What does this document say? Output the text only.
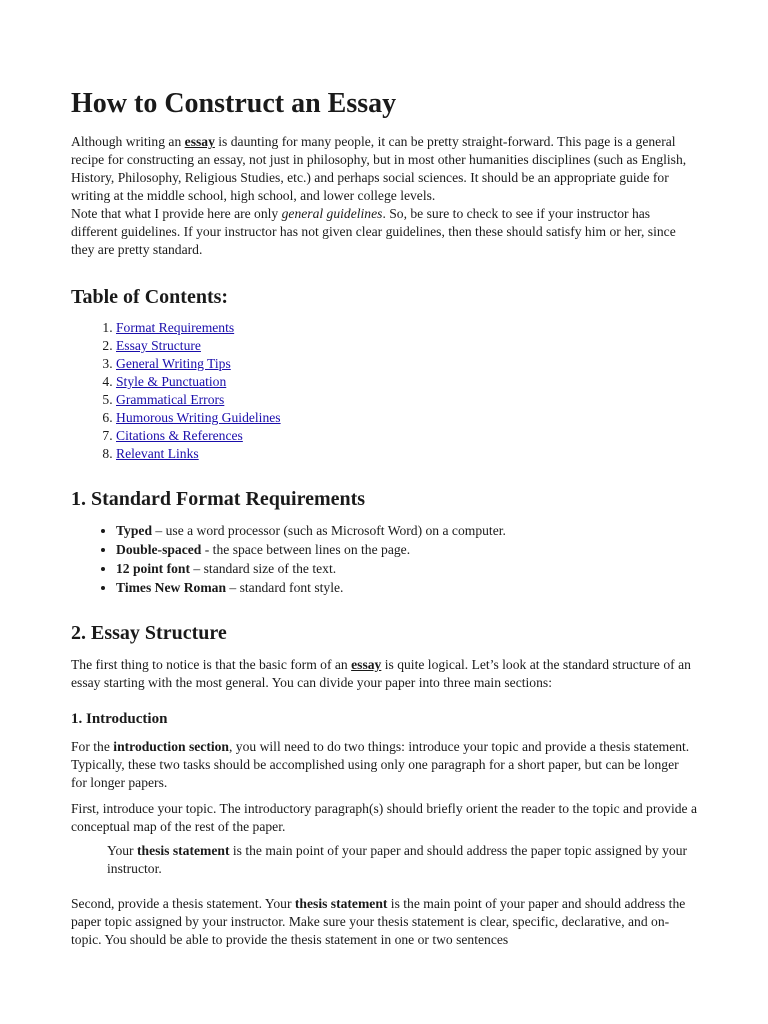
How to Construct an Essay

Although writing an essay is daunting for many people, it can be pretty straight-forward. This page is a general recipe for constructing an essay, not just in philosophy, but in most other humanities disciplines (such as English, History, Philosophy, Religious Studies, etc.) and perhaps social sciences. It should be an appropriate guide for writing at the middle school, high school, and lower college levels.

Note that what I provide here are only general guidelines. So, be sure to check to see if your instructor has different guidelines. If your instructor has not given clear guidelines, then these should satisfy him or her, since they are pretty standard.

Table of Contents:
1. Format Requirements
2. Essay Structure
3. General Writing Tips
4. Style & Punctuation
5. Grammatical Errors
6. Humorous Writing Guidelines
7. Citations & References
8. Relevant Links
1. Standard Format Requirements
• Typed – use a word processor (such as Microsoft Word) on a computer.
• Double-spaced - the space between lines on the page.
• 12 point font – standard size of the text.
• Times New Roman – standard font style.
2. Essay Structure

The first thing to notice is that the basic form of an essay is quite logical. Let’s look at the standard structure of an essay starting with the most general. You can divide your paper into three main sections:

1. Introduction

For the introduction section, you will need to do two things: introduce your topic and provide a thesis statement. Typically, these two tasks should be accomplished using only one paragraph for a short paper, but can be longer for longer papers.

First, introduce your topic. The introductory paragraph(s) should briefly orient the reader to the topic and provide a conceptual map of the rest of the paper.

Your thesis statement is the main point of your paper and should address the paper topic assigned by your instructor.

Second, provide a thesis statement. Your thesis statement is the main point of your paper and should address the paper topic assigned by your instructor. Make sure your thesis statement is clear, specific, declarative, and on-topic. You should be able to provide the thesis statement in one or two sentences
